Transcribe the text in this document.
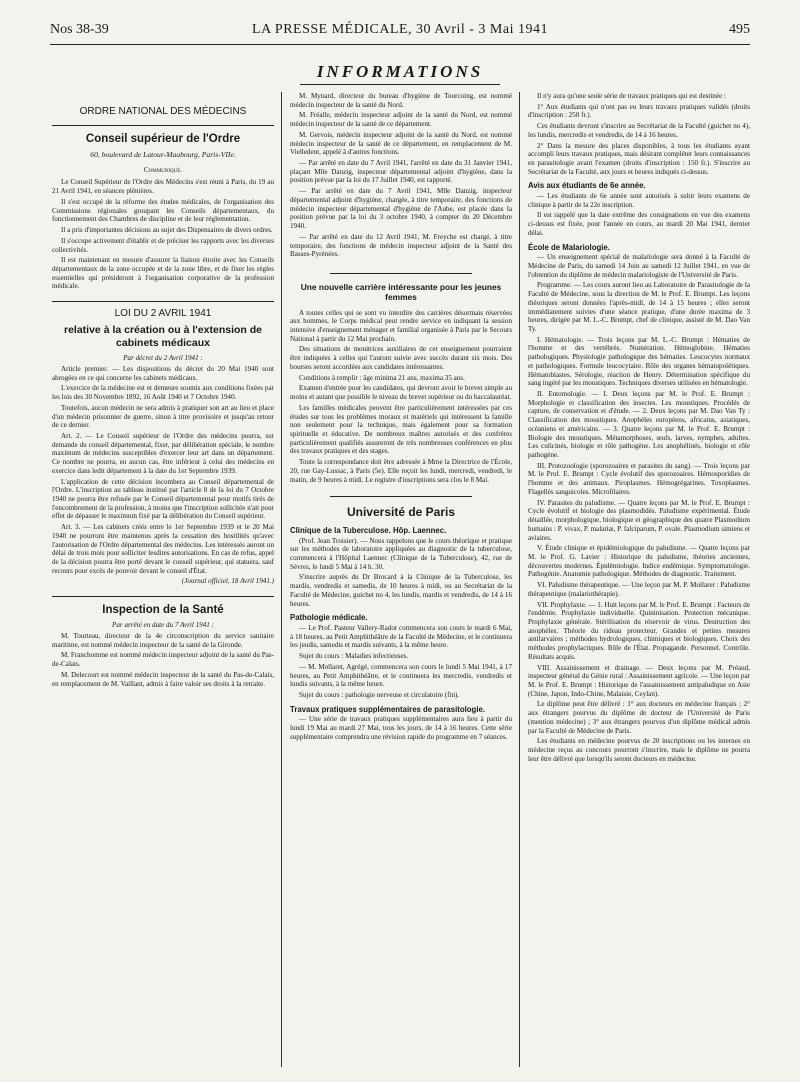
Nos 38-39	LA PRESSE MÉDICALE, 30 Avril - 3 Mai 1941	495
INFORMATIONS
ORDRE NATIONAL DES MÉDECINS
Conseil supérieur de l'Ordre
60, boulevard de Latour-Maubourg, Paris-VIIe.
Communiqué.

Le Conseil Supérieur de l'Ordre des Médecins s'est réuni à Paris, du 19 au 21 Avril 1941, en séances plénières.

Il s'est occupé de la réforme des études médicales, de l'organisation des Commissions régionales groupant les Conseils départementaux, du fonctionnement des Chambres de discipline et de leur réglementation.

Il a pris d'importantes décisions au sujet des Dispensaires de divers ordres.

Il s'occupe activement d'établir et de préciser les rapports avec les diverses collectivités.

Il est maintenant en mesure d'assurer la liaison étroite avec les Conseils départementaux de la zone occupée et de la zone libre, et de fixer les règles essentielles qui présideront à l'organisation corporative de la profession médicale.

LOI DU 2 AVRIL 1941
relative à la création ou à l'extension de cabinets médicaux

Par décret du 2 Avril 1941 :

Article premier. — Les dispositions du décret du 20 Mai 1940 sont abrogées en ce qui concerne les cabinets médicaux.

L'exercice de la médecine est et demeure soumis aux conditions fixées par les lois des 30 Novembre 1892, 16 Août 1940 et 7 Octobre 1940.

Toutefois, aucun médecin ne sera admis à pratiquer son art au lieu et place d'un médecin prisonnier de guerre, sinon à titre provisoire et jusqu'au retour de ce dernier.

Art. 2. — Le Conseil supérieur de l'Ordre des médecins pourra, sur demande du conseil départemental, fixer, par délibération spéciale, le nombre maximum de médecins susceptibles d'exercer leur art dans un département. Ce nombre ne pourra, en aucun cas, être inférieur à celui des médecins en exercice dans ledit département à la date du 1er Septembre 1939.

L'application de cette décision incombera au Conseil départemental de l'Ordre. L'inscription au tableau institué par l'article 8 de la loi du 7 Octobre 1940 ne pourra être refusée par le Conseil départemental pour motifs tirés de l'encombrement de la profession, à moins que l'inscription sollicitée n'ait pour effet de dépasser le maximum fixé par la délibération du Conseil supérieur.

Art. 3. — Les cabinets créés entre le 1er Septembre 1939 et le 20 Mai 1940 ne pourront être maintenus après la cessation des hostilités qu'avec l'autorisation de l'Ordre départemental des médecins. Les intéressés auront un délai de trois mois pour solliciter lesdites autorisations. En cas de refus, appel de la décision pourra être porté devant le conseil supérieur, qui statuera, sauf recours pour excès de pouvoir devant le conseil d'État.

(Journal officiel, 18 Avril 1941.)

Inspection de la Santé

Par arrêté en date du 7 Avril 1941 :

M. Tourteau, directeur de la 4e circonscription du service sanitaire maritime, est nommé médecin inspecteur de la santé de la Gironde.

M. Franchomme est nommé médecin inspecteur adjoint de la santé du Pas-de-Calais.

M. Delecourt est nommé médecin inspecteur de la santé du Pas-de-Calais, en remplacement de M. Vaillant, admis à faire valoir ses droits à la retraite.

M. Mynard, directeur du bureau d'hygiène de Tourcoing, est nommé médecin inspecteur de la santé du Nord.

M. Fréalle, médecin inspecteur adjoint de la santé du Nord, est nommé médecin inspecteur de la santé de ce département.

M. Gervois, médecin inspecteur adjoint de la santé du Nord, est nommé médecin inspecteur de la santé de ce département, en remplacement de M. Vielledent, appelé à d'autres fonctions.

— Par arrêté en date du 7 Avril 1941, l'arrêté en date du 31 Janvier 1941, plaçant Mlle Danzig, inspecteur départemental adjoint d'hygiène, dans la position prévue par la loi du 17 Juillet 1940, est rapporté.

— Par arrêté en date du 7 Avril 1941, Mlle Danzig, inspecteur départemental adjoint d'hygiène, chargée, à titre temporaire, des fonctions de médecin inspecteur départemental d'hygiène de l'Aube, est placée dans la position prévue par la loi du 3 octobre 1940, à compter du 20 Décembre 1940.

— Par arrêté en date du 12 Avril 1941, M. Freyche est chargé, à titre temporaire, des fonctions de médecin inspecteur adjoint de la Santé des Basses-Pyrénées.

Une nouvelle carrière intéressante pour les jeunes femmes

A toutes celles qui se sont vu interdire des carrières désormais réservées aux hommes, le Corps médical peut rendre service en indiquant la session intensive d'enseignement ménager et familial organisée à Paris par le Secours National à partir du 12 Mai prochain.

Des situations de monitrices auxiliaires de cet enseignement pourraient être indiquées à celles qui l'auront suivie avec succès durant six mois. Des bourses seront accordées aux candidates intéressantes.

Conditions à remplir : âge minima 21 ans, maxima 35 ans.

Examen d'entrée pour les candidates, qui devront avoir le brevet simple au moins et autant que possible le niveau du brevet supérieur ou du baccalauréat.

Les familles médicales peuvent être particulièrement intéressées par ces études sur tous les problèmes moraux et matériels qui intéressent la famille non seulement pour la technique, mais également pour sa formation spirituelle et éducative. De nombreux maîtres autorisés et des confrères particulièrement qualifiés assureront de très nombreuses conférences en plus des travaux pratiques et des stages.

Toute la correspondance doit être adressée à Mme la Directrice de l'École, 20, rue Gay-Lussac, à Paris (5e). Elle reçoit les lundi, mercredi, vendredi, le matin, de 9 heures à midi. Le registre d'inscriptions sera clos le 8 Mai.

Université de Paris
Clinique de la Tuberculose. Hôp. Laennec.

(Prof. Jean Troisier). — Nous rappelons que le cours théorique et pratique sur les méthodes de laboratoire appliquées au diagnostic de la tuberculose, commencera à l'Hôpital Laennec (Clinique de la Tuberculose), 42, rue de Sèvres, le lundi 5 Mai à 14 h. 30.

S'inscrire auprès du Dr Brocard à la Clinique de la Tuberculose, les mardis, vendredis et samedis, de 10 heures à midi, ou au Secrétariat de la Faculté de Médecine, guichet no 4, les lundis, mardis et vendredis, de 14 à 16 heures.

Pathologie médicale.

— Le Prof. Pasteur Vallery-Radot commencera son cours le mardi 6 Mai, à 18 heures, au Petit Amphithéâtre de la Faculté de Médecine, et le continuera les jeudis, samedis et mardis suivants, à la même heure.

Sujet du cours : Maladies infectieuses.

— M. Mollaret, Agrégé, commencera son cours le lundi 5 Mai 1941, à 17 heures, au Petit Amphithéâtre, et le continuera les mercredis, vendredis et lundis suivants, à la même heure.

Sujet du cours : pathologie nerveuse et circulatoire (fin).

Travaux pratiques supplémentaires de parasitologie.

— Une série de travaux pratiques supplémentaires aura lieu à partir du lundi 19 Mai au mardi 27 Mai, tous les jours, de 14 à 16 heures. Cette série supplémentaire comprendra une révision rapide du programme en 7 séances.

Il n'y aura qu'une seule série de travaux pratiques qui est destinée :

1° Aux étudiants qui n'ont pas eu leurs travaux pratiques validés (droits d'inscription : 250 fr.).

Ces étudiants devront s'inscrire au Secrétariat de la Faculté (guichet no 4), les lundis, mercredis et vendredis, de 14 à 16 heures.

2° Dans la mesure des places disponibles, à tous les étudiants ayant accompli leurs travaux pratiques, mais désirant compléter leurs connaissances en parasitologie avant l'examen (droits d'inscription : 150 fr.). S'inscrire au Secrétariat de la Faculté, aux jours et heures indiqués ci-dessus.

Avis aux étudiants de 6e année.

— Les étudiants de 6e année sont autorisés à subir leurs examens de clinique à partir de la 22e inscription.

Il est rappelé que la date extrême des consignations en vue des examens ci-dessus est fixée, pour l'année en cours, au mardi 20 Mai 1941, dernier délai.

École de Malariologie.

— Un enseignement spécial de malariologie sera donné à la Faculté de Médecine de Paris, du samedi 14 Juin au samedi 12 Juillet 1941, en vue de l'obtention du diplôme de médecin malariologiste de l'Université de Paris.

Programme. — Les cours auront lieu au Laboratoire de Parasitologie de la Faculté de Médecine, sous la direction de M. le Prof. E. Brumpt. Les leçons théoriques seront données l'après-midi, de 14 à 15 heures ; elles seront immédiatement suivies d'une séance pratique, d'une durée maxima de 3 heures, dirigée par M. L.-C. Brumpt, chef de clinique, assisté de M. Dao Van Ty.

I. Hématologie. — Trois leçons par M. L.-C. Brumpt : Hématies de l'homme et des vertébrés. Numération. Hémoglobine. Hématies pathologiques. Physiologie pathologique des hématies. Leucocytes normaux et pathologiques. Formule leucocytaire. Rôle des organes hématopoïétiques. Hématoblastes. Sérologie, réaction de Henry. Détermination spécifique du sang ingéré par les moustiques. Techniques diverses utilisées en hématologie.

II. Entomologie. — I. Deux leçons par M. le Prof. E. Brumpt : Morphologie et classification des insectes. Les moustiques. Procédés de capture, de conservation et d'étude. — 2. Deux leçons par M. Dao Van Ty : Classification des moustiques. Anophèles européens, africains, asiatiques, océaniens et américains. — 3. Quatre leçons par M. le Prof. E. Brumpt : Biologie des moustiques. Métamorphoses, œufs, larves, nymphes, adultes. Les culicinés, biologie et rôle pathogène. Les anophélinés, biologie et rôle pathogène.

III. Protozoologie (sporozoaires et parasites du sang). — Trois leçons par M. le Prof. E. Brumpt : Cycle évolutif des sporozoaires. Hémosporidies de l'homme et des animaux. Piroplasmes. Hémogrégarines. Toxoplasmes. Flagellés sanguicoles. Microfilaires.

IV. Parasites du paludisme. — Quatre leçons par M. le Prof. E. Brumpt : Cycle évolutif et biologie des plasmodidés. Paludisme expérimental. Étude détaillée, morphologique, biologique et géographique des quatre Plasmodium humains : P. vivax, P. malariæ, P. falciparum, P. ovale. Plasmodium simiens et aviaires.

V. Étude clinique et épidémiologique du paludisme. — Quatre leçons par M. le Prof. G. Lavier : Historique du paludisme, théories anciennes, découvertes modernes. Épidémiologie. Indice endémique. Symptomatologie. Pathogénie. Anatomie pathologique. Méthodes de diagnostic. Traitement.

VI. Paludisme thérapeutique. — Une leçon par M. P. Mollaret : Paludisme thérapeutique (malariothérapie).

VII. Prophylaxie. — 1. Huit leçons par M. le Prof. E. Brumpt : Facteurs de l'endémie. Prophylaxie individuelle. Quininisation. Protection mécanique. Prophylaxie générale. Stérilisation du réservoir de virus. Destruction des anophèles. Théorie du rideau protecteur. Grandes et petites mesures antilarvaires ; méthodes hydrologiques, chimiques et biologiques. Choix des méthodes prophylactiques. Rôle de l'État. Propagande. Personnel. Contrôle. Résultats acquis.

VIII. Assainissement et drainage. — Deux leçons par M. Préaud, inspecteur général du Génie rural : Assainissement agricole. — Une leçon par M. le Prof. E. Brumpt : Historique de l'assainissement antipaludique en Asie (Chine, Japon, Indo-Chine, Malaisie, Ceylan).

Le diplôme peut être délivré : 1° aux docteurs en médecine français ; 2° aux étrangers pourvus du diplôme de docteur de l'Université de Paris (mention médecine) ; 3° aux étrangers pourvus d'un diplôme médical admis par la Faculté de Médecine de Paris.

Les étudiants en médecine pourvus de 20 inscriptions ou les internes en médecine reçus au concours pourront s'inscrire, mais le diplôme ne pourra leur être délivré que lorsqu'ils seront docteurs en médecine.
